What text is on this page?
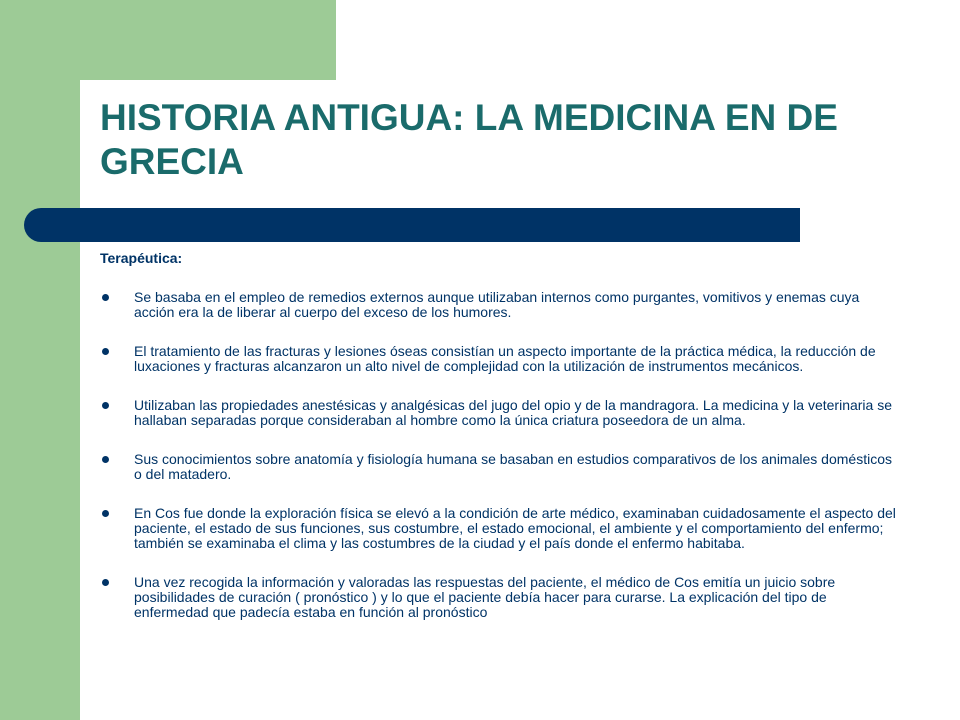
HISTORIA ANTIGUA: LA MEDICINA EN DE GRECIA

Terapéutica:

Se basaba en el empleo de remedios externos aunque utilizaban internos como purgantes, vomitivos y enemas cuya acción era la de liberar al cuerpo del exceso de los humores.
El tratamiento de las fracturas y lesiones óseas consistían un aspecto importante de la práctica médica, la reducción de luxaciones y fracturas alcanzaron un alto nivel de complejidad con la utilización de instrumentos mecánicos.
Utilizaban las propiedades anestésicas y analgésicas del jugo del opio y de la mandragora. La medicina y la veterinaria se hallaban separadas porque consideraban al hombre como la única criatura poseedora de un alma.
Sus conocimientos sobre anatomía y fisiología humana se basaban en estudios comparativos de los animales domésticos o del matadero.
En Cos fue donde la exploración física se elevó a la condición de arte médico, examinaban cuidadosamente el aspecto del paciente, el estado de sus funciones, sus costumbre, el estado emocional, el ambiente y el comportamiento del enfermo; también se examinaba el clima y las costumbres de la ciudad y el país donde el enfermo habitaba.
Una vez recogida la información y valoradas las respuestas del paciente, el médico de Cos emitía un juicio sobre posibilidades de curación ( pronóstico ) y lo que el paciente debía hacer para curarse. La explicación del tipo de enfermedad que padecía estaba en función al pronóstico
